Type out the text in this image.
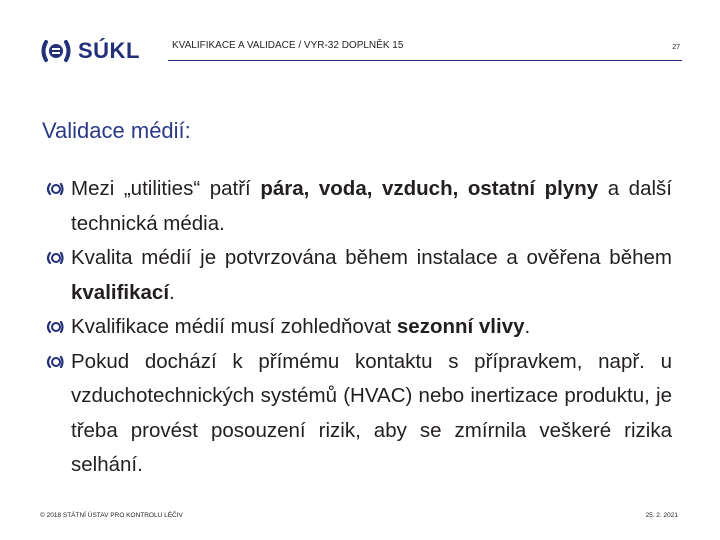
SÚKL	KVALIFIKACE A VALIDACE / VYR-32 DOPLNĚK 15	27
Validace médií:
Mezi „utilities“ patří pára, voda, vzduch, ostatní plyny a další technická média.
Kvalita médií je potvrzována během instalace a ověřena během kvalifikací.
Kvalifikace médií musí zohledňovat sezonní vlivy.
Pokud dochází k přímému kontaktu s přípravkem, např. u vzduchotechnických systémů (HVAC) nebo inertizace produktu, je třeba provést posouzení rizik, aby se zmírnila veškeré rizika selhání.
© 2018 STÁTNÍ ÚSTAV PRO KONTROLU LÉČIV	25. 2. 2021
